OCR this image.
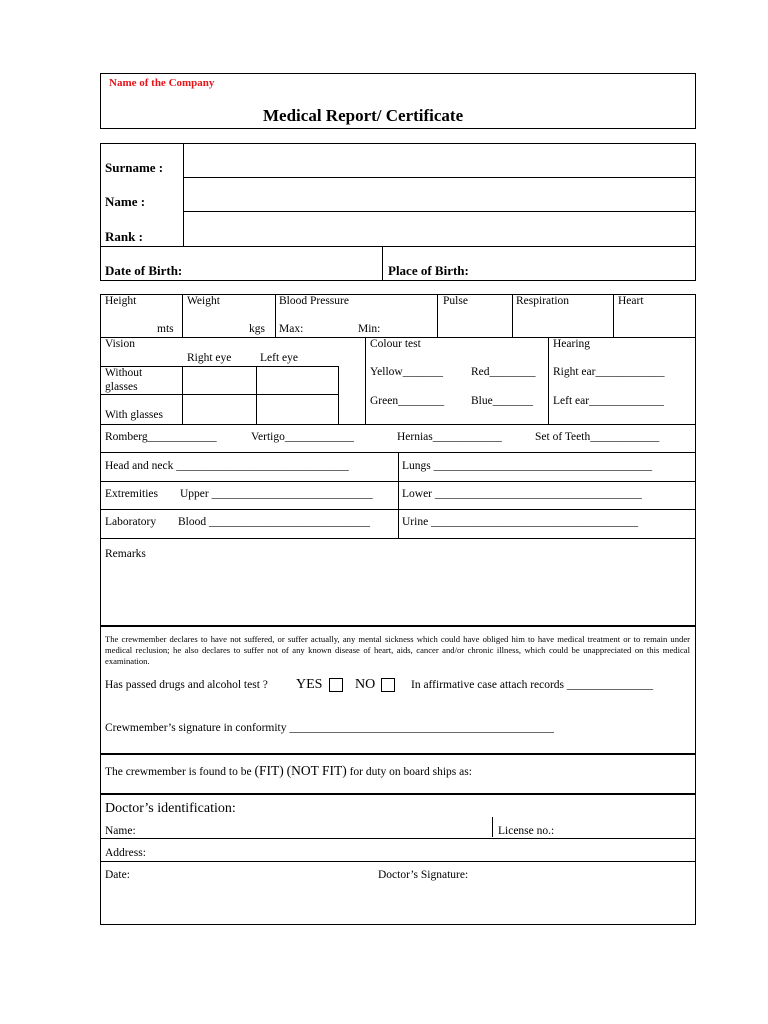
Name of the Company
Medical Report/ Certificate
Surname :
Name :
Rank :
Date of Birth:	Place of Birth:
Height
mts
Weight
kgs
Blood Pressure
Max:	Min:
Pulse	Respiration	Heart
Vision
Right eye Left eye
Without
glasses
With glasses
Colour test
Yellow_______ Red________
Green________ Blue_______
Hearing
Right ear____________
Left ear_____________
Romberg____________	Vertigo____________	Hernias____________	Set of Teeth____________
Head and neck ______________________________	Lungs ______________________________________
Extremities Upper ____________________________	Lower ____________________________________
Laboratory Blood ____________________________	Urine ____________________________________
Remarks
The crewmember declares to have not suffered, or suffer actually, any mental sickness which could have obliged him to have medical treatment or to remain under medical reclusion; he also declares to suffer not of any known disease of heart, aids, cancer and/or chronic illness, which could be unappreciated on this medical examination.
Has passed drugs and alcohol test ? YES NO	In affirmative case attach records _______________
Crewmember’s signature in conformity ______________________________________________
The crewmember is found to be (FIT) (NOT FIT) for duty on board ships as:
Doctor’s identification:
Name:	License no.:
Address:
Date:	Doctor’s Signature:
